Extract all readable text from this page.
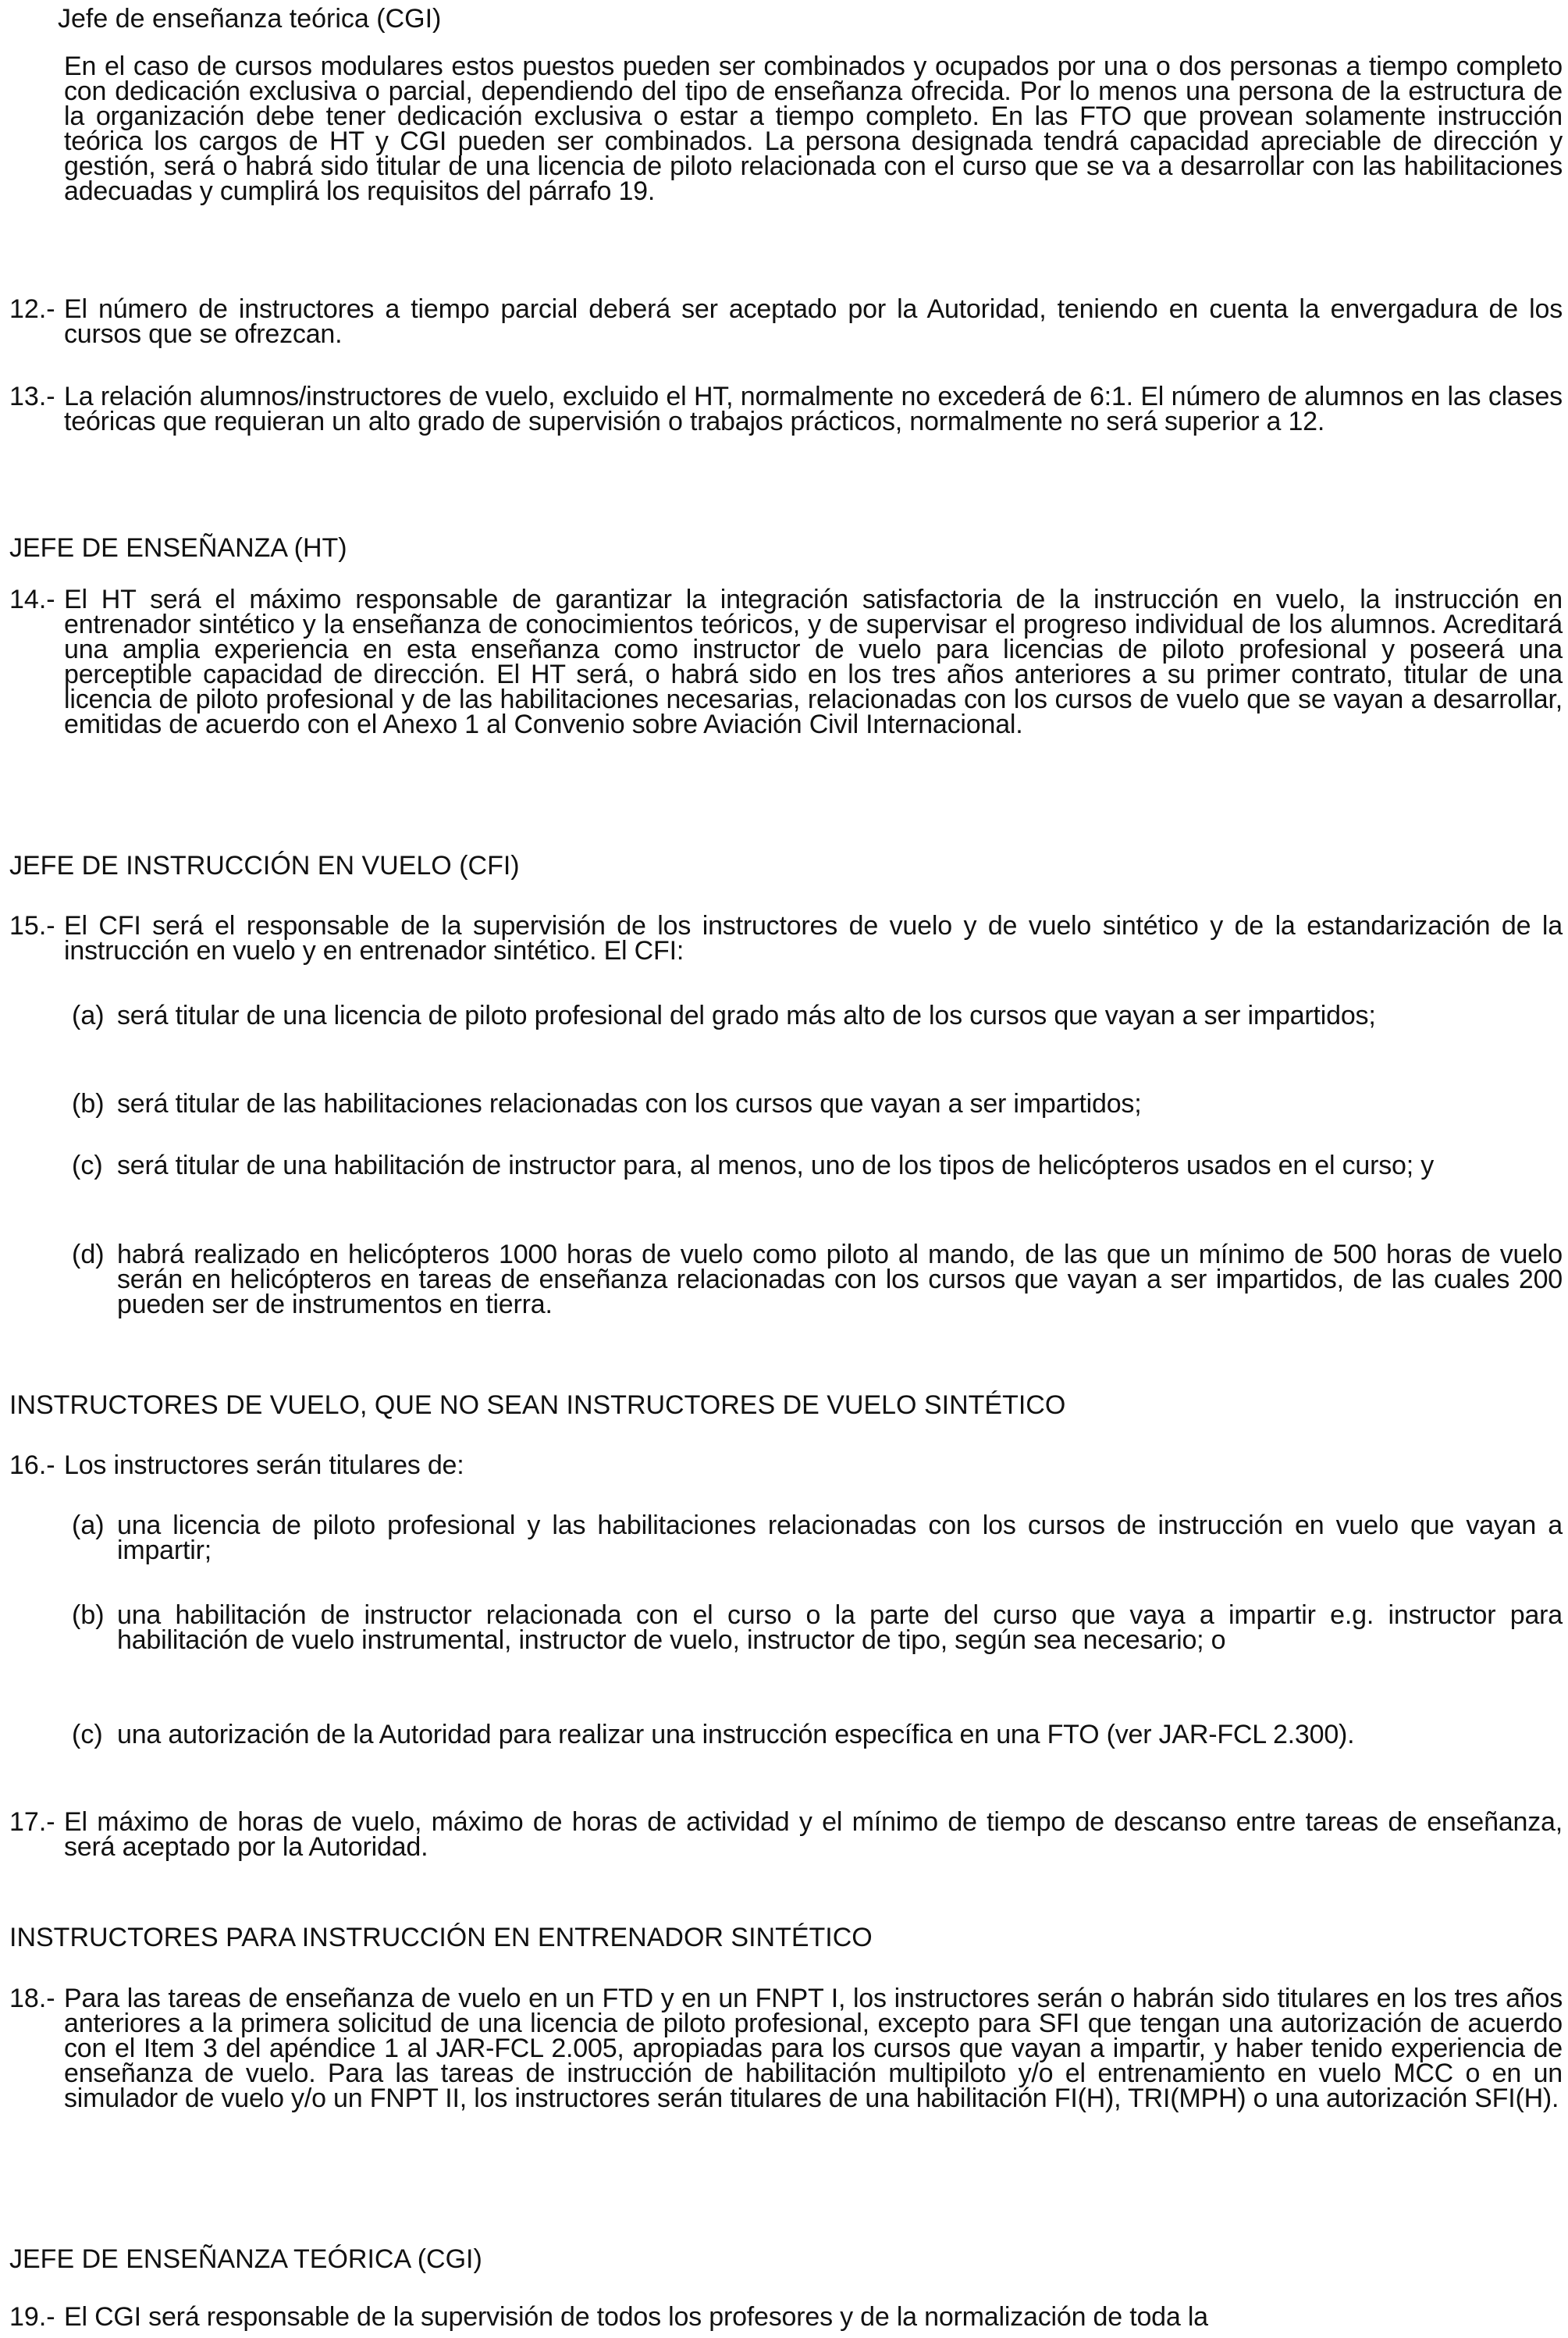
Jefe de enseñanza teórica (CGI)

En el caso de cursos modulares estos puestos pueden ser combinados y ocupados por una o dos personas a tiempo completo con dedicación exclusiva o parcial, dependiendo del tipo de enseñanza ofrecida. Por lo menos una persona de la estructura de la organización debe tener dedicación exclusiva o estar a tiempo completo. En las FTO que provean solamente instrucción teórica los cargos de HT y CGI pueden ser combinados. La persona designada tendrá capacidad apreciable de dirección y gestión, será o habrá sido titular de una licencia de piloto relacionada con el curso que se va a desarrollar con las habilitaciones adecuadas y cumplirá los requisitos del párrafo 19.

12.- El número de instructores a tiempo parcial deberá ser aceptado por la Autoridad, teniendo en cuenta la envergadura de los cursos que se ofrezcan.

13.- La relación alumnos/instructores de vuelo, excluido el HT, normalmente no excederá de 6:1. El número de alumnos en las clases teóricas que requieran un alto grado de supervisión o trabajos prácticos, normalmente no será superior a 12.

JEFE DE ENSEÑANZA (HT)

14.- El HT será el máximo responsable de garantizar la integración satisfactoria de la instrucción en vuelo, la instrucción en entrenador sintético y la enseñanza de conocimientos teóricos, y de supervisar el progreso individual de los alumnos. Acreditará una amplia experiencia en esta enseñanza como instructor de vuelo para licencias de piloto profesional y poseerá una perceptible capacidad de dirección. El HT será, o habrá sido en los tres años anteriores a su primer contrato, titular de una licencia de piloto profesional y de las habilitaciones necesarias, relacionadas con los cursos de vuelo que se vayan a desarrollar, emitidas de acuerdo con el Anexo 1 al Convenio sobre Aviación Civil Internacional.

JEFE DE INSTRUCCIÓN EN VUELO (CFI)

15.- El CFI será el responsable de la supervisión de los instructores de vuelo y de vuelo sintético y de la estandarización de la instrucción en vuelo y en entrenador sintético. El CFI:

(a) será titular de una licencia de piloto profesional del grado más alto de los cursos que vayan a ser impartidos;

(b) será titular de las habilitaciones relacionadas con los cursos que vayan a ser impartidos;

(c) será titular de una habilitación de instructor para, al menos, uno de los tipos de helicópteros usados en el curso; y

(d) habrá realizado en helicópteros 1000 horas de vuelo como piloto al mando, de las que un mínimo de 500 horas de vuelo serán en helicópteros en tareas de enseñanza relacionadas con los cursos que vayan a ser impartidos, de las cuales 200 pueden ser de instrumentos en tierra.

INSTRUCTORES DE VUELO, QUE NO SEAN INSTRUCTORES DE VUELO SINTÉTICO

16.- Los instructores serán titulares de:

(a) una licencia de piloto profesional y las habilitaciones relacionadas con los cursos de instrucción en vuelo que vayan a impartir;

(b) una habilitación de instructor relacionada con el curso o la parte del curso que vaya a impartir e.g. instructor para habilitación de vuelo instrumental, instructor de vuelo, instructor de tipo, según sea necesario; o

(c) una autorización de la Autoridad para realizar una instrucción específica en una FTO (ver JAR-FCL 2.300).

17.- El máximo de horas de vuelo, máximo de horas de actividad y el mínimo de tiempo de descanso entre tareas de enseñanza, será aceptado por la Autoridad.

INSTRUCTORES PARA INSTRUCCIÓN EN ENTRENADOR SINTÉTICO

18.- Para las tareas de enseñanza de vuelo en un FTD y en un FNPT I, los instructores serán o habrán sido titulares en los tres años anteriores a la primera solicitud de una licencia de piloto profesional, excepto para SFI que tengan una autorización de acuerdo con el Item 3 del apéndice 1 al JAR-FCL 2.005, apropiadas para los cursos que vayan a impartir, y haber tenido experiencia de enseñanza de vuelo. Para las tareas de instrucción de habilitación multipiloto y/o el entrenamiento en vuelo MCC o en un simulador de vuelo y/o un FNPT II, los instructores serán titulares de una habilitación FI(H), TRI(MPH) o una autorización SFI(H).

JEFE DE ENSEÑANZA TEÓRICA (CGI)

19.- El CGI será responsable de la supervisión de todos los profesores y de la normalización de toda la
